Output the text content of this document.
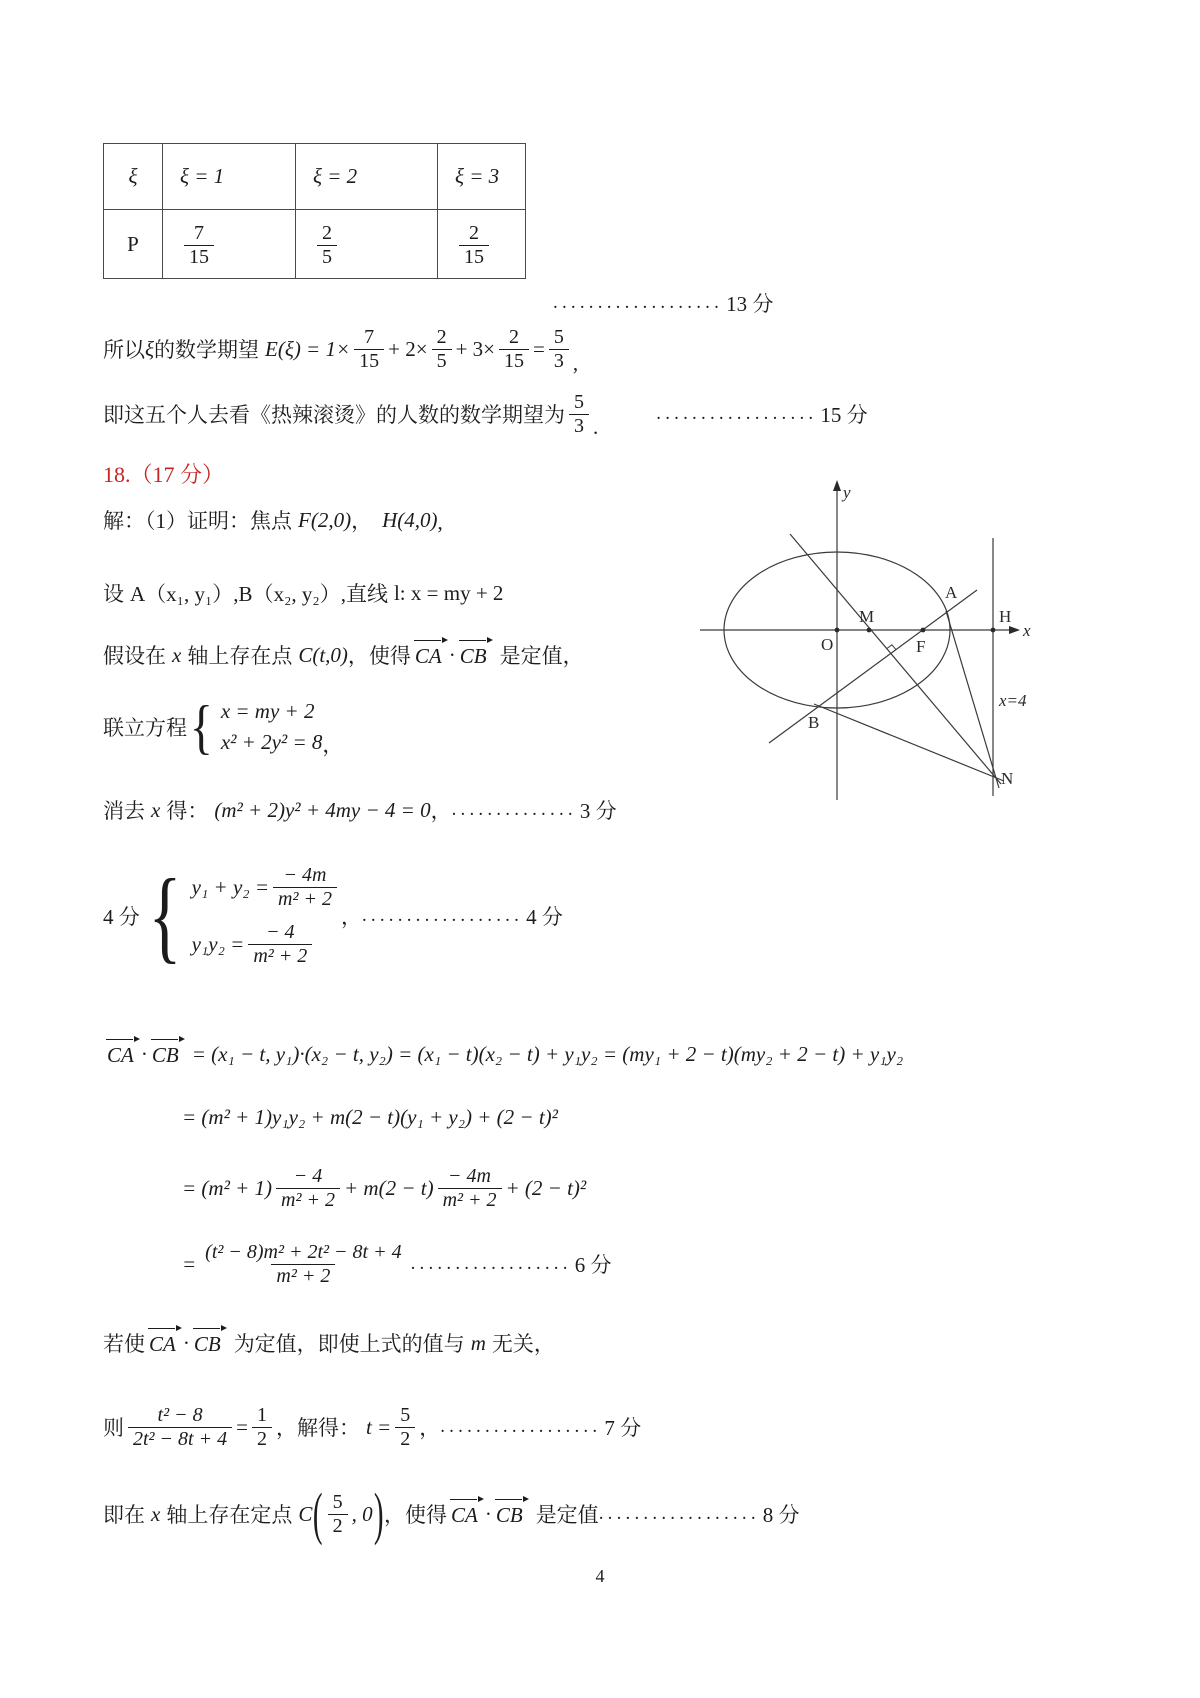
ξ	ξ = 1	ξ = 2	ξ = 3
P	$\frac{7}{15}$	$\frac{2}{5}$	$\frac{2}{15}$
................... 13 分
所以 ξ 的数学期望 $E(\xi) = 1\times \frac{7}{15} + 2\times \frac{2}{5} + 3\times \frac{2}{15} = \frac{5}{3}$ ,
即这五个人去看《热辣滚烫》的人数的数学期望为 $\frac{5}{3}$ .
.................. 15 分
18.（17 分）
解：（1）证明：焦点 F(2,0) ， H(4,0) ,
设 A（x₁, y₁）,B（x₂, y₂）, 直线 l: x = my + 2
假设在 x 轴上存在点 C(t,0) ，使得 CA · CB 是定值，
联立方程 { x = my + 2
x² + 2y² = 8 ，
消去 x 得： (m² + 2)y² + 4my − 4 = 0 ， .............. 3 分
4 分 { $y_1 + y_2 = \frac{- 4m}{\text{m² + 2}}$
$y_1y_2 = \frac{- 4}{\text{m² + 2}}$
， .................. 4 分
CA · CB = (x₁ − t, y₁)·(x₂ − t, y₂) = (x₁ − t)(x₂ − t) + y₁y₂ = (my₁ + 2 − t)(my₂ + 2 − t) + y₁y₂
= (m² + 1)y₁y₂ + m(2 − t)(y₁ + y₂) + (2 − t)²
= $(m^2 + 1) \frac{- 4}{\text{m² + 2}} + m(2 - t) \frac{- 4m}{\text{m² + 2}} + (2 - t)^2$
= $\frac{\text{(t² − 8)m² + 2t² − 8t + 4}}{\text{m² + 2}}$ .................. 6 分
若使 CA · CB 为定值，即使上式的值与 m 无关，
则 $\frac{\text{t² − 8}}{\text{2t² − 8t + 4}} = \frac{1}{2}$ ，解得： $t = \frac{5}{2}$ ， .................. 7 分
即在 x 轴上存在定点 C ( $\frac{5}{2}$ , 0 ) ，使得 CA · CB 是定值 .................. 8 分
y
x
O
M
F
A
B
H
N
x=4
4
